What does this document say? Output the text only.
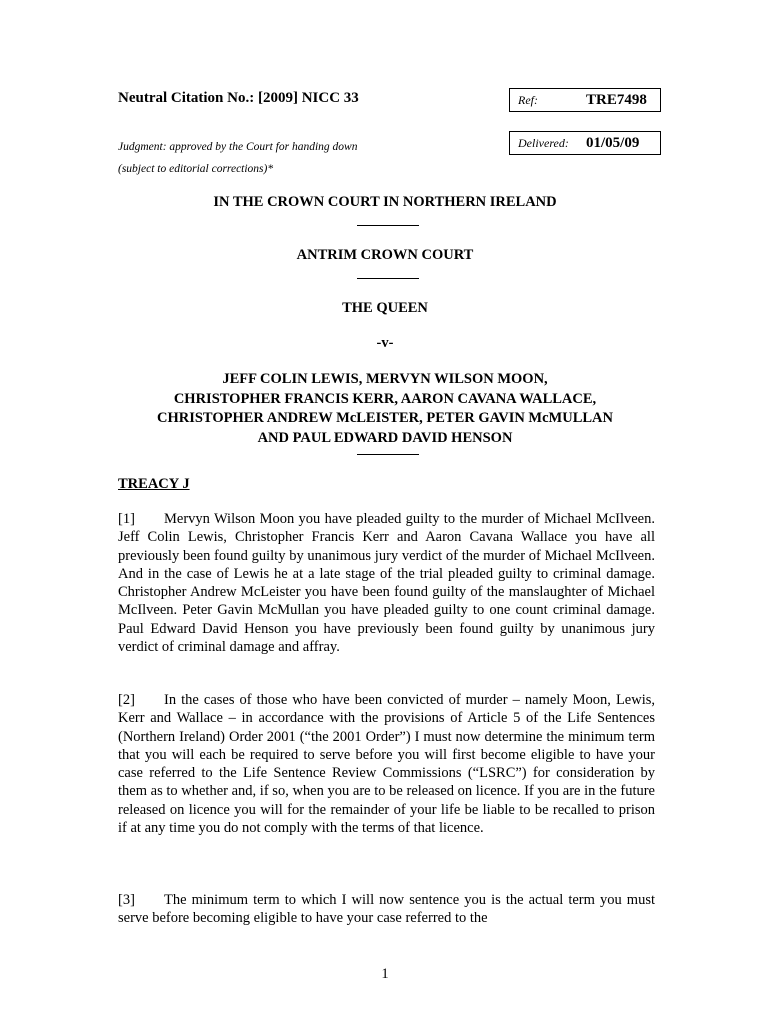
Neutral Citation No.: [2009] NICC 33	Ref:	TRE7498
Delivered:	01/05/09
Judgment: approved by the Court for handing down
(subject to editorial corrections)*
IN THE CROWN COURT IN NORTHERN IRELAND
ANTRIM CROWN COURT
THE QUEEN
-v-
JEFF COLIN LEWIS, MERVYN WILSON MOON,
CHRISTOPHER FRANCIS KERR, AARON CAVANA WALLACE,
CHRISTOPHER ANDREW McLEISTER, PETER GAVIN McMULLAN
AND PAUL EDWARD DAVID HENSON
TREACY J
[1] Mervyn Wilson Moon you have pleaded guilty to the murder of Michael McIlveen. Jeff Colin Lewis, Christopher Francis Kerr and Aaron Cavana Wallace you have all previously been found guilty by unanimous jury verdict of the murder of Michael McIlveen. And in the case of Lewis he at a late stage of the trial pleaded guilty to criminal damage. Christopher Andrew McLeister you have been found guilty of the manslaughter of Michael McIlveen. Peter Gavin McMullan you have pleaded guilty to one count criminal damage. Paul Edward David Henson you have previously been found guilty by unanimous jury verdict of criminal damage and affray.
[2] In the cases of those who have been convicted of murder – namely Moon, Lewis, Kerr and Wallace – in accordance with the provisions of Article 5 of the Life Sentences (Northern Ireland) Order 2001 (“the 2001 Order”) I must now determine the minimum term that you will each be required to serve before you will first become eligible to have your case referred to the Life Sentence Review Commissions (“LSRC”) for consideration by them as to whether and, if so, when you are to be released on licence. If you are in the future released on licence you will for the remainder of your life be liable to be recalled to prison if at any time you do not comply with the terms of that licence.
[3] The minimum term to which I will now sentence you is the actual term you must serve before becoming eligible to have your case referred to the
1
